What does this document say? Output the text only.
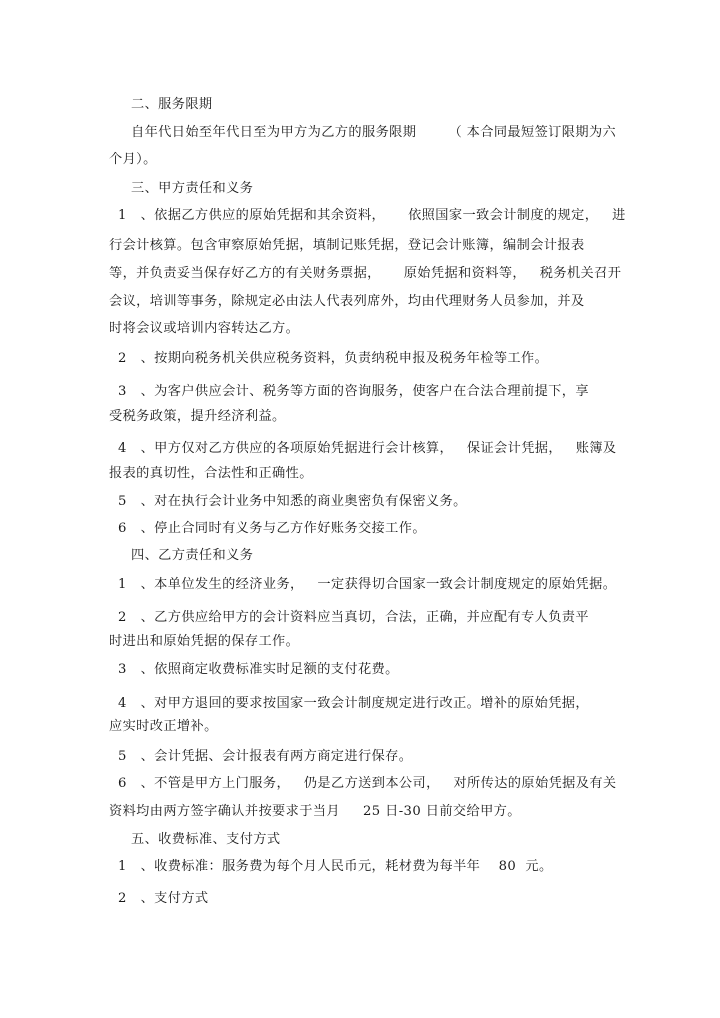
二、服务限期
自年代日始至年代日至为甲方为乙方的服务限期       （ 本合同最短签订限期为六
个月）。
三、甲方责任和义务
1   、依据乙方供应的原始凭据和其余资料，     依照国家一致会计制度的规定，   进
行会计核算。包含审察原始凭据，填制记账凭据，登记会计账簿，编制会计报表
等，并负责妥当保存好乙方的有关财务票据，     原始凭据和资料等，   税务机关召开
会议，培训等事务，除规定必由法人代表列席外，均由代理财务人员参加，并及
时将会议或培训内容转达乙方。
2   、按期向税务机关供应税务资料，负责纳税申报及税务年检等工作。
3   、为客户供应会计、税务等方面的咨询服务，使客户在合法合理前提下，享
受税务政策，提升经济利益。
4   、甲方仅对乙方供应的各项原始凭据进行会计核算，   保证会计凭据，   账簿及
报表的真切性，合法性和正确性。
5   、对在执行会计业务中知悉的商业奥密负有保密义务。
6   、停止合同时有义务与乙方作好账务交接工作。
四、乙方责任和义务
1   、本单位发生的经济业务，   一定获得切合国家一致会计制度规定的原始凭据。
2   、乙方供应给甲方的会计资料应当真切，合法，正确，并应配有专人负责平
时进出和原始凭据的保存工作。
3   、依照商定收费标准实时足额的支付花费。
4   、对甲方退回的要求按国家一致会计制度规定进行改正。增补的原始凭据，
应实时改正增补。
5   、会计凭据、会计报表有两方商定进行保存。
6   、不管是甲方上门服务，   仍是乙方送到本公司，   对所传达的原始凭据及有关
资料均由两方签字确认并按要求于当月     25 日-30 日前交给甲方。
五、收费标准、支付方式
1   、收费标准：服务费为每个月人民币元，耗材费为每半年    80  元。
2   、支付方式
